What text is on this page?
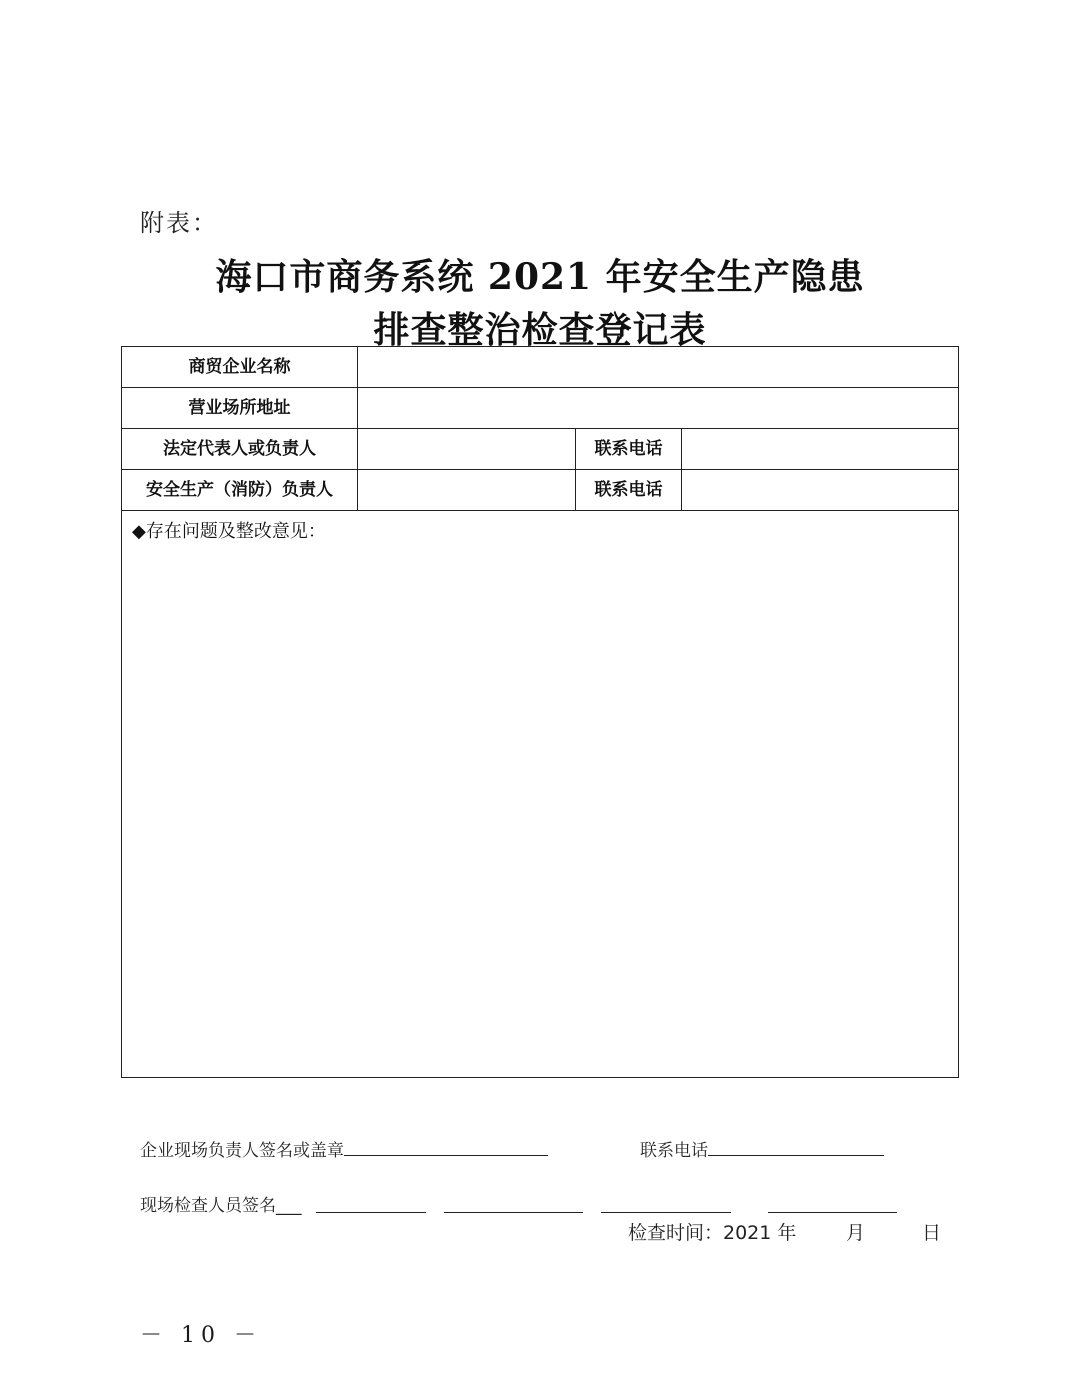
附表：
海口市商务系统 2021 年安全生产隐患
排查整治检查登记表
商贸企业名称
营业场所地址
法定代表人或负责人	联系电话
安全生产（消防）负责人	联系电话
◆存在问题及整改意见：
企业现场负责人签名或盖章	联系电话
现场检查人员签名___
检查时间：2021 年	月	日
－ 10 －
